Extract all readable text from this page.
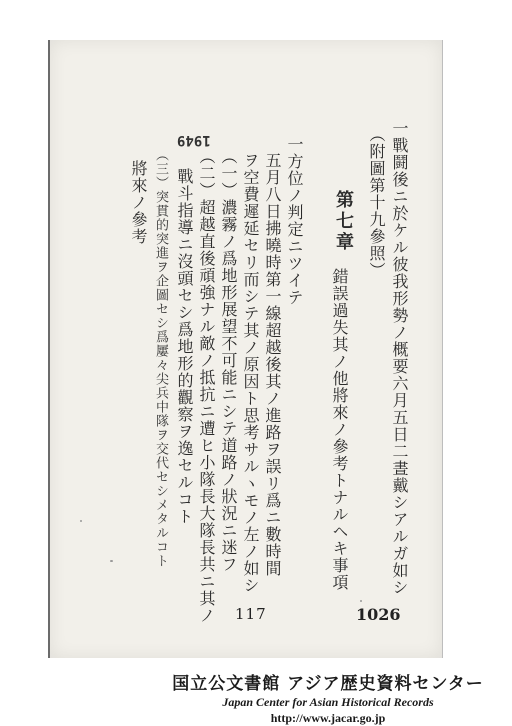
1949	一戰鬪後ニ於ケル彼我形勢ノ概要六月五日二晝戴シアルガ如シ
（附圖第十九參照）
第七章
錯誤過失其ノ他將來ノ參考トナルヘキ事項
一方位ノ判定ニツイテ
五月八日拂曉時第一線超越後其ノ進路ヲ誤リ爲ニ數時間
ヲ空費遲延セリ而シテ其ノ原因ト思考サルヽモノ左ノ如シ
（一）濃霧ノ爲地形展望不可能ニシテ道路ノ狀況ニ迷フ
（二）超越直後頑強ナル敵ノ抵抗ニ遭ヒ小隊長大隊長共ニ其ノ
戰斗指導ニ沒頭セシ爲地形的觀察ヲ逸セルコト
（三）突貫的突進ヲ企圖セシ爲屢々尖兵中隊ヲ交代セシメタルコト
將來ノ參考
117	1026
国立公文書館 アジア歴史資料センター
Japan Center for Asian Historical Records
http://www.jacar.go.jp
